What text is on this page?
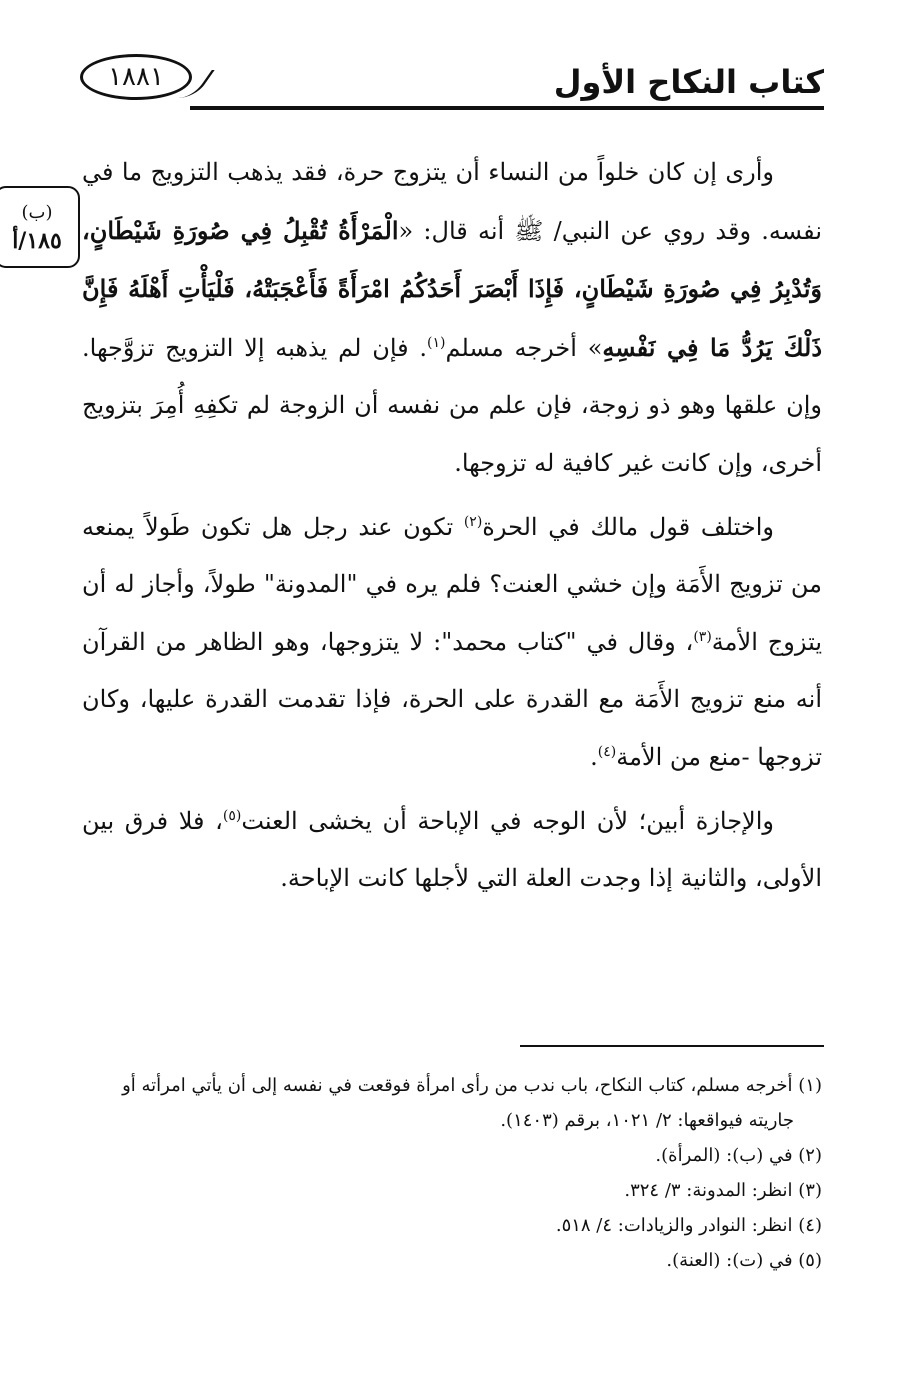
١٨٨١	كتاب النكاح الأول
(ب)
١٨٥/أ

وأرى إن كان خلواً من النساء أن يتزوج حرة، فقد يذهب التزويج ما في نفسه. وقد روي عن النبي/ ﷺ أنه قال: «الْمَرْأَةُ تُقْبِلُ فِي صُورَةِ شَيْطَانٍ، وَتُدْبِرُ فِي صُورَةِ شَيْطَانٍ، فَإِذَا أَبْصَرَ أَحَدُكُمُ امْرَأَةً فَأَعْجَبَتْهُ، فَلْيَأْتِ أَهْلَهُ فَإِنَّ ذَلْكَ يَرُدُّ مَا فِي نَفْسِهِ» أخرجه مسلم$^{(١)}$. فإن لم يذهبه إلا التزويج تزوَّجها. وإن علقها وهو ذو زوجة، فإن علم من نفسه أن الزوجة لم تكفِهِ أُمِرَ بتزويج أخرى، وإن كانت غير كافية له تزوجها.

واختلف قول مالك في الحرة$^{(٢)}$ تكون عند رجل هل تكون طَولاً يمنعه من تزويج الأَمَة وإن خشي العنت؟ فلم يره في "المدونة" طولاً، وأجاز له أن يتزوج الأمة$^{(٣)}$، وقال في "كتاب محمد": لا يتزوجها، وهو الظاهر من القرآن أنه منع تزويج الأَمَة مع القدرة على الحرة، فإذا تقدمت القدرة عليها، وكان تزوجها -منع من الأمة$^{(٤)}$.

والإجازة أبين؛ لأن الوجه في الإباحة أن يخشى العنت$^{(٥)}$، فلا فرق بين الأولى، والثانية إذا وجدت العلة التي لأجلها كانت الإباحة.

(١) أخرجه مسلم، كتاب النكاح، باب ندب من رأى امرأة فوقعت في نفسه إلى أن يأتي امرأته أو

جاريته فيواقعها: ٢/ ١٠٢١، برقم (١٤٠٣).

(٢) في (ب): (المرأة).

(٣) انظر: المدونة: ٣/ ٣٢٤.

(٤) انظر: النوادر والزيادات: ٤/ ٥١٨.

(٥) في (ت): (العنة).
